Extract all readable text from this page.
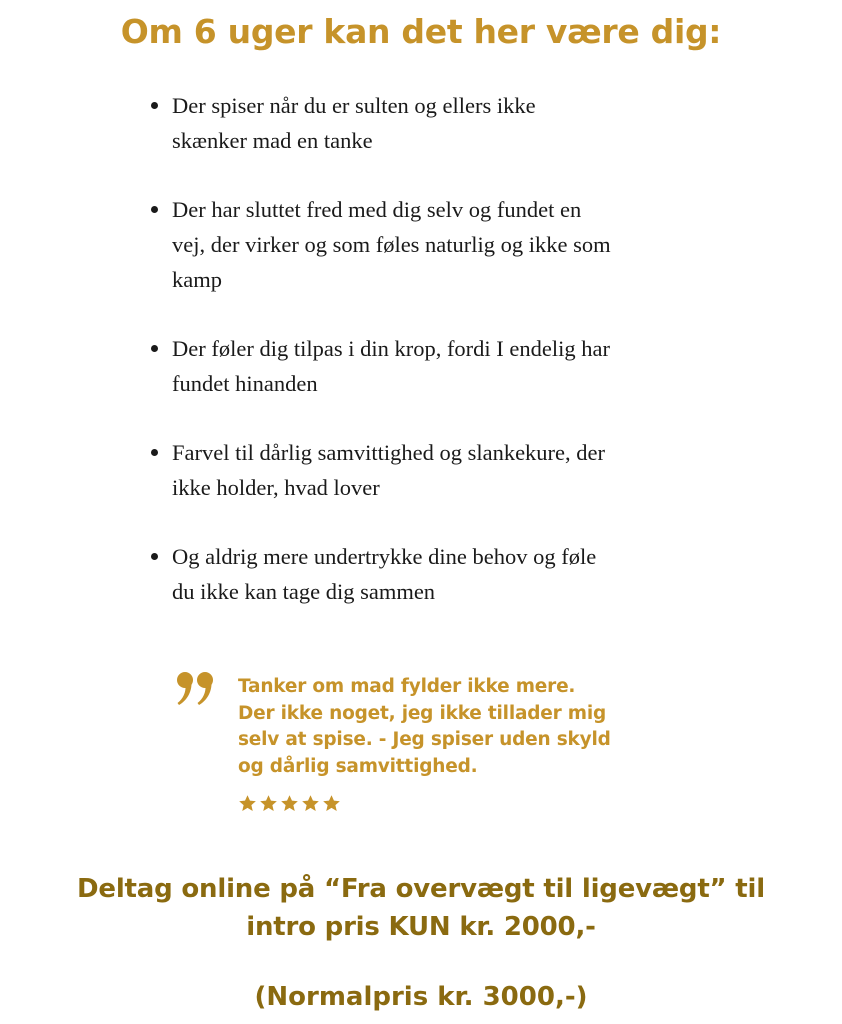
Om 6 uger kan det her være dig:
Der spiser når du er sulten og ellers ikke
skænker mad en tanke
Der har sluttet fred med dig selv og fundet en
vej, der virker og som føles naturlig og ikke som
kamp
Der føler dig tilpas i din krop, fordi I endelig har
fundet hinanden
Farvel til dårlig samvittighed og slankekure, der
ikke holder, hvad lover
Og aldrig mere undertrykke dine behov og føle
du ikke kan tage dig sammen

Tanker om mad fylder ikke mere.
Der ikke noget, jeg ikke tillader mig
selv at spise. - Jeg spiser uden skyld
og dårlig samvittighed.

Deltag online på “Fra overvægt til ligevægt” til
intro pris KUN kr. 2000,-

(Normalpris kr. 3000,-)
